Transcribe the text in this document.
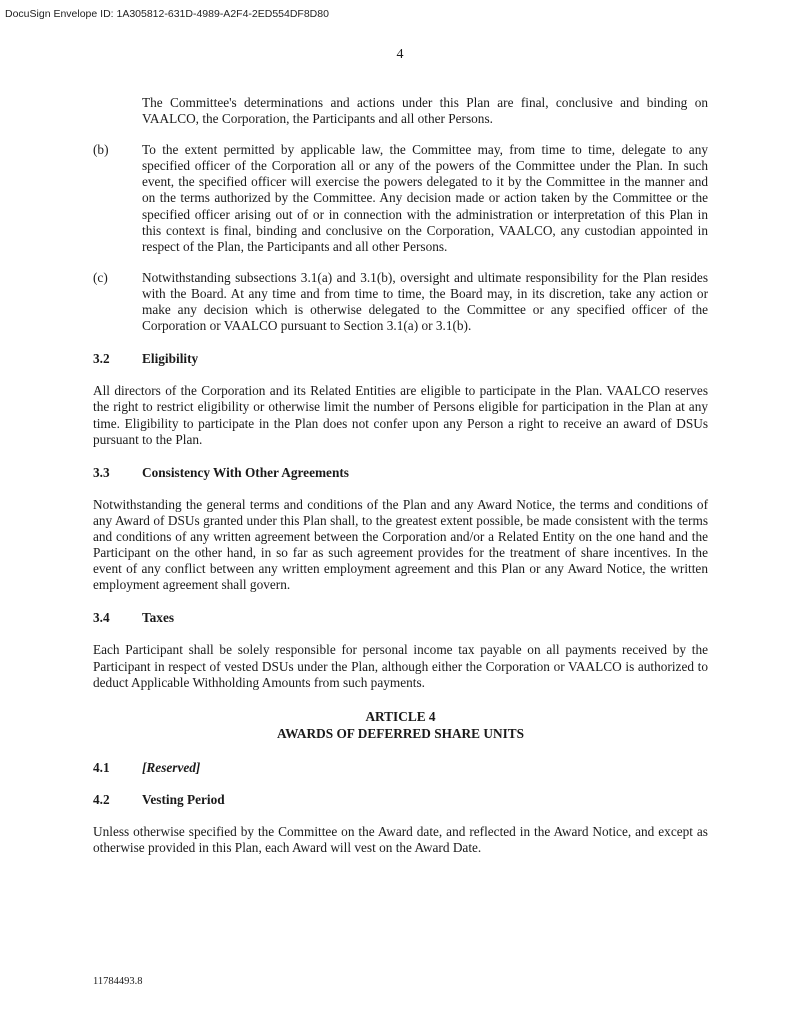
DocuSign Envelope ID: 1A305812-631D-4989-A2F4-2ED554DF8D80
4

The Committee's determinations and actions under this Plan are final, conclusive and binding on VAALCO, the Corporation, the Participants and all other Persons.

(b)	To the extent permitted by applicable law, the Committee may, from time to time, delegate to any specified officer of the Corporation all or any of the powers of the Committee under the Plan. In such event, the specified officer will exercise the powers delegated to it by the Committee in the manner and on the terms authorized by the Committee. Any decision made or action taken by the Committee or the specified officer arising out of or in connection with the administration or interpretation of this Plan in this context is final, binding and conclusive on the Corporation, VAALCO, any custodian appointed in respect of the Plan, the Participants and all other Persons.
(c)	Notwithstanding subsections 3.1(a) and 3.1(b), oversight and ultimate responsibility for the Plan resides with the Board. At any time and from time to time, the Board may, in its discretion, take any action or make any decision which is otherwise delegated to the Committee or any specified officer of the Corporation or VAALCO pursuant to Section 3.1(a) or 3.1(b).
3.2	Eligibility

All directors of the Corporation and its Related Entities are eligible to participate in the Plan. VAALCO reserves the right to restrict eligibility or otherwise limit the number of Persons eligible for participation in the Plan at any time. Eligibility to participate in the Plan does not confer upon any Person a right to receive an award of DSUs pursuant to the Plan.

3.3	Consistency With Other Agreements

Notwithstanding the general terms and conditions of the Plan and any Award Notice, the terms and conditions of any Award of DSUs granted under this Plan shall, to the greatest extent possible, be made consistent with the terms and conditions of any written agreement between the Corporation and/or a Related Entity on the one hand and the Participant on the other hand, in so far as such agreement provides for the treatment of share incentives. In the event of any conflict between any written employment agreement and this Plan or any Award Notice, the written employment agreement shall govern.

3.4	Taxes

Each Participant shall be solely responsible for personal income tax payable on all payments received by the Participant in respect of vested DSUs under the Plan, although either the Corporation or VAALCO is authorized to deduct Applicable Withholding Amounts from such payments.

ARTICLE 4
AWARDS OF DEFERRED SHARE UNITS
4.1	[Reserved]
4.2	Vesting Period

Unless otherwise specified by the Committee on the Award date, and reflected in the Award Notice, and except as otherwise provided in this Plan, each Award will vest on the Award Date.

11784493.8
